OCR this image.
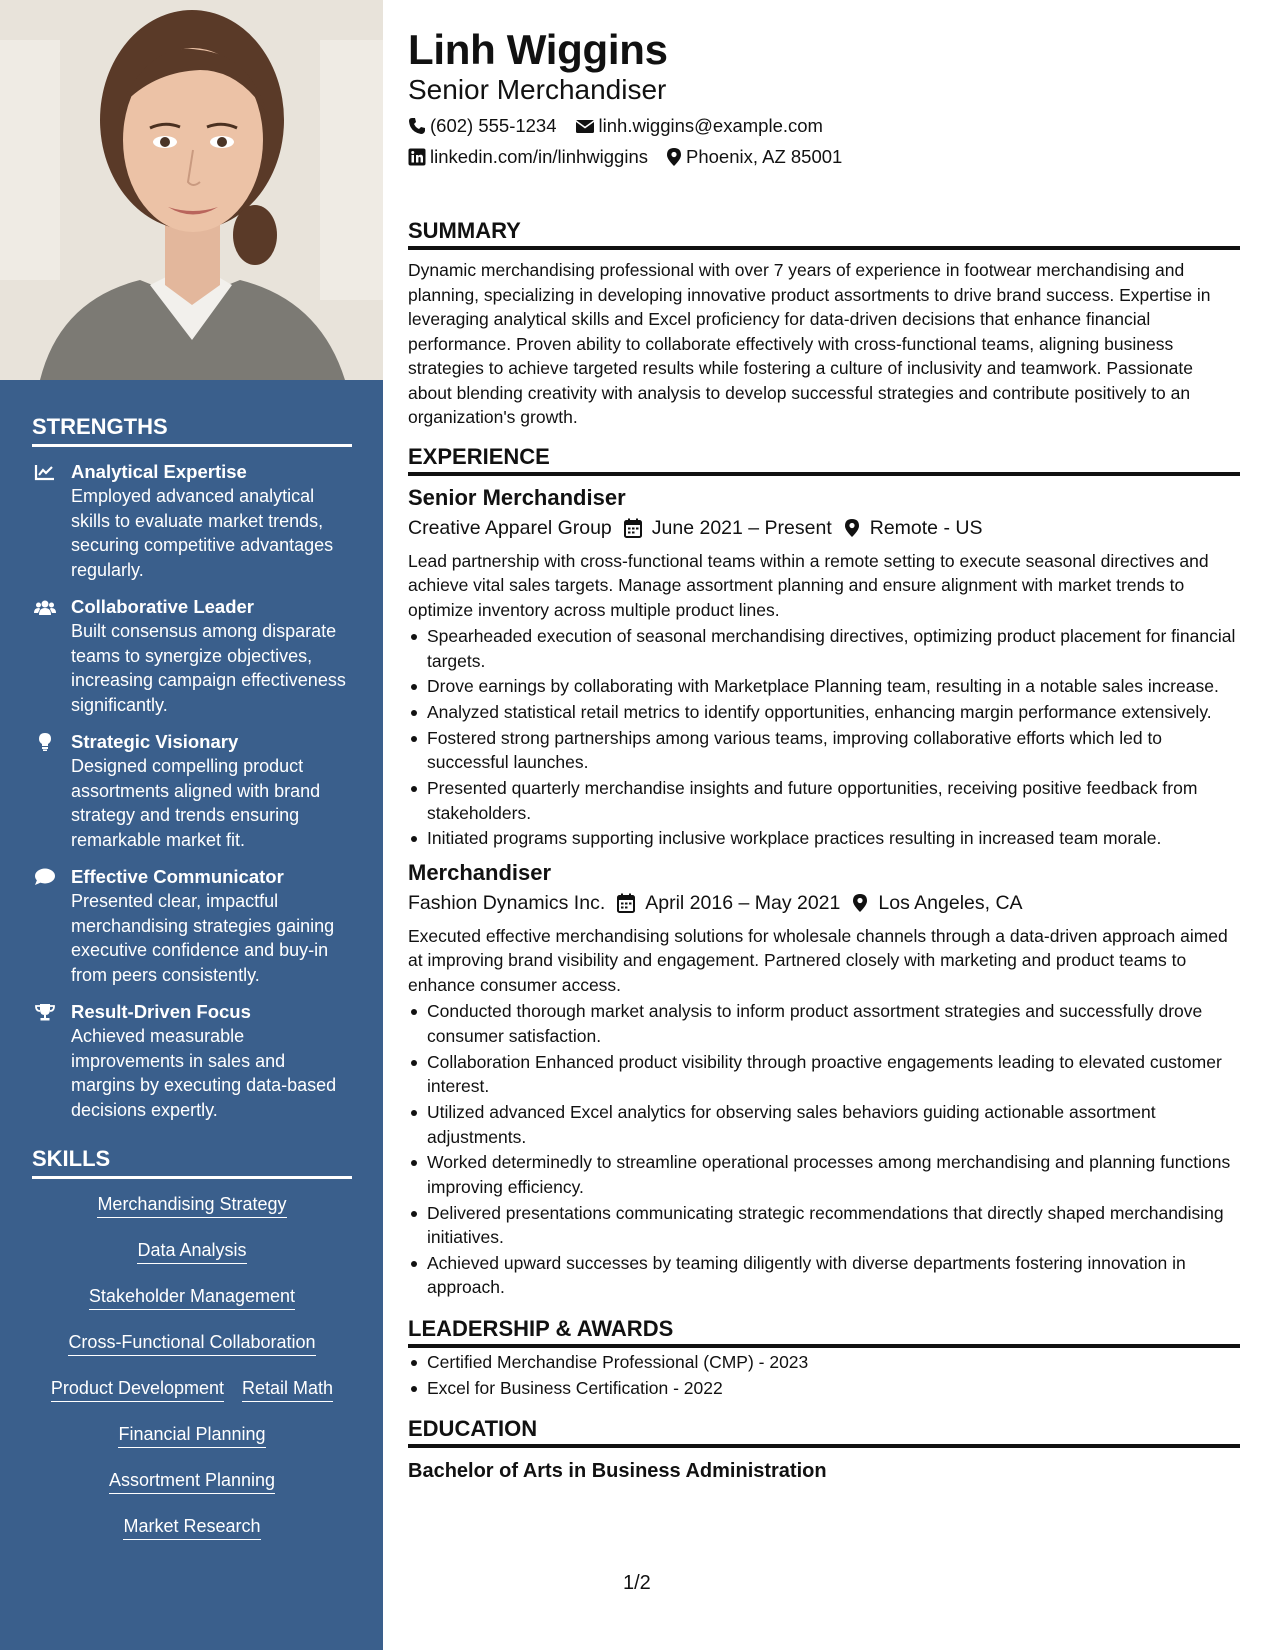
STRENGTHS
Analytical Expertise
Employed advanced analytical skills to evaluate market trends, securing competitive advantages regularly.
Collaborative Leader
Built consensus among disparate teams to synergize objectives, increasing campaign effectiveness significantly.
Strategic Visionary
Designed compelling product assortments aligned with brand strategy and trends ensuring remarkable market fit.
Effective Communicator
Presented clear, impactful merchandising strategies gaining executive confidence and buy-in from peers consistently.
Result-Driven Focus
Achieved measurable improvements in sales and margins by executing data-based decisions expertly.
SKILLS
Merchandising Strategy
Data Analysis
Stakeholder Management
Cross-Functional Collaboration
Product Development Retail Math
Financial Planning
Assortment Planning
Market Research
Linh Wiggins
Senior Merchandiser
(602) 555-1234 linh.wiggins@example.com
linkedin.com/in/linhwiggins Phoenix, AZ 85001
SUMMARY

Dynamic merchandising professional with over 7 years of experience in footwear merchandising and planning, specializing in developing innovative product assortments to drive brand success. Expertise in leveraging analytical skills and Excel proficiency for data-driven decisions that enhance financial performance. Proven ability to collaborate effectively with cross-functional teams, aligning business strategies to achieve targeted results while fostering a culture of inclusivity and teamwork. Passionate about blending creativity with analysis to develop successful strategies and contribute positively to an organization's growth.

EXPERIENCE
Senior Merchandiser
Creative Apparel Group June 2021 – Present Remote - US

Lead partnership with cross-functional teams within a remote setting to execute seasonal directives and achieve vital sales targets. Manage assortment planning and ensure alignment with market trends to optimize inventory across multiple product lines.

Spearheaded execution of seasonal merchandising directives, optimizing product placement for financial targets.
Drove earnings by collaborating with Marketplace Planning team, resulting in a notable sales increase.
Analyzed statistical retail metrics to identify opportunities, enhancing margin performance extensively.
Fostered strong partnerships among various teams, improving collaborative efforts which led to successful launches.
Presented quarterly merchandise insights and future opportunities, receiving positive feedback from stakeholders.
Initiated programs supporting inclusive workplace practices resulting in increased team morale.
Merchandiser
Fashion Dynamics Inc. April 2016 – May 2021 Los Angeles, CA

Executed effective merchandising solutions for wholesale channels through a data-driven approach aimed at improving brand visibility and engagement. Partnered closely with marketing and product teams to enhance consumer access.

Conducted thorough market analysis to inform product assortment strategies and successfully drove consumer satisfaction.
Collaboration Enhanced product visibility through proactive engagements leading to elevated customer interest.
Utilized advanced Excel analytics for observing sales behaviors guiding actionable assortment adjustments.
Worked determinedly to streamline operational processes among merchandising and planning functions improving efficiency.
Delivered presentations communicating strategic recommendations that directly shaped merchandising initiatives.
Achieved upward successes by teaming diligently with diverse departments fostering innovation in approach.
LEADERSHIP & AWARDS
Certified Merchandise Professional (CMP) - 2023
Excel for Business Certification - 2022
EDUCATION
Bachelor of Arts in Business Administration
1/2
